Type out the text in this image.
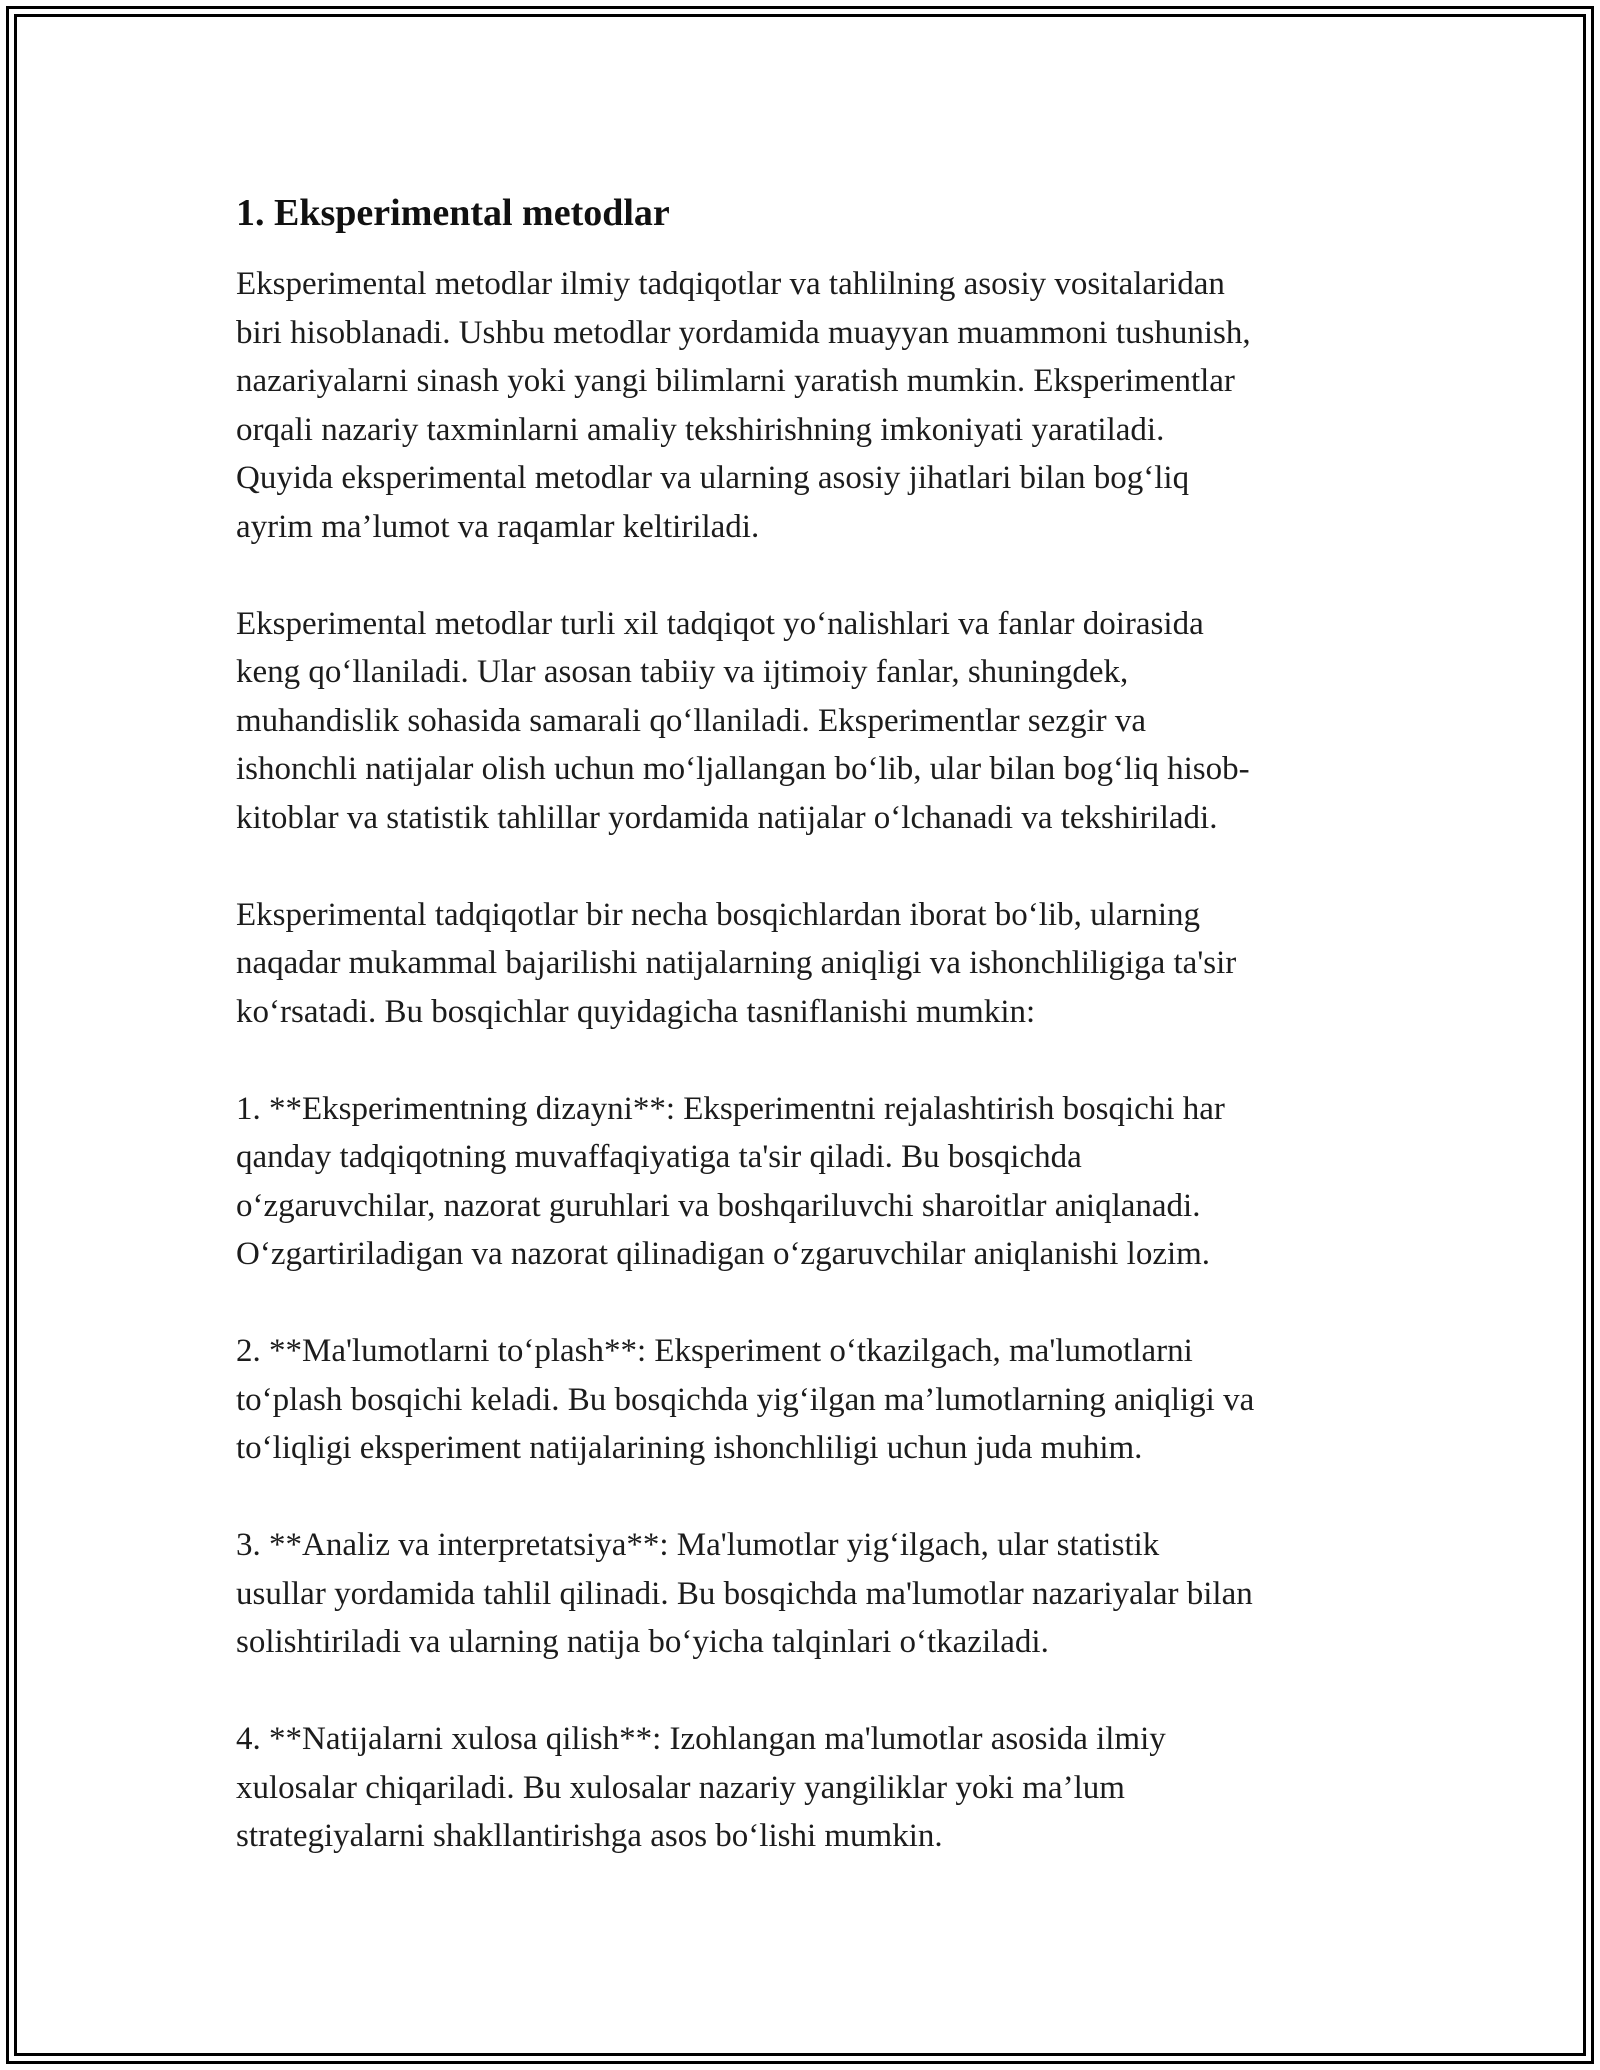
1. Eksperimental metodlar

Eksperimental metodlar ilmiy tadqiqotlar va tahlilning asosiy vositalaridan
biri hisoblanadi. Ushbu metodlar yordamida muayyan muammoni tushunish,
nazariyalarni sinash yoki yangi bilimlarni yaratish mumkin. Eksperimentlar
orqali nazariy taxminlarni amaliy tekshirishning imkoniyati yaratiladi.
Quyida eksperimental metodlar va ularning asosiy jihatlari bilan bog‘liq
ayrim ma’lumot va raqamlar keltiriladi.

Eksperimental metodlar turli xil tadqiqot yo‘nalishlari va fanlar doirasida
keng qo‘llaniladi. Ular asosan tabiiy va ijtimoiy fanlar, shuningdek,
muhandislik sohasida samarali qo‘llaniladi. Eksperimentlar sezgir va
ishonchli natijalar olish uchun mo‘ljallangan bo‘lib, ular bilan bog‘liq hisob-
kitoblar va statistik tahlillar yordamida natijalar o‘lchanadi va tekshiriladi.

Eksperimental tadqiqotlar bir necha bosqichlardan iborat bo‘lib, ularning
naqadar mukammal bajarilishi natijalarning aniqligi va ishonchliligiga ta'sir
ko‘rsatadi. Bu bosqichlar quyidagicha tasniflanishi mumkin:

1. **Eksperimentning dizayni**: Eksperimentni rejalashtirish bosqichi har
qanday tadqiqotning muvaffaqiyatiga ta'sir qiladi. Bu bosqichda
o‘zgaruvchilar, nazorat guruhlari va boshqariluvchi sharoitlar aniqlanadi.
O‘zgartiriladigan va nazorat qilinadigan o‘zgaruvchilar aniqlanishi lozim.

2. **Ma'lumotlarni to‘plash**: Eksperiment o‘tkazilgach, ma'lumotlarni
to‘plash bosqichi keladi. Bu bosqichda yig‘ilgan ma’lumotlarning aniqligi va
to‘liqligi eksperiment natijalarining ishonchliligi uchun juda muhim.

3. **Analiz va interpretatsiya**: Ma'lumotlar yig‘ilgach, ular statistik
usullar yordamida tahlil qilinadi. Bu bosqichda ma'lumotlar nazariyalar bilan
solishtiriladi va ularning natija bo‘yicha talqinlari o‘tkaziladi.

4. **Natijalarni xulosa qilish**: Izohlangan ma'lumotlar asosida ilmiy
xulosalar chiqariladi. Bu xulosalar nazariy yangiliklar yoki ma’lum
strategiyalarni shakllantirishga asos bo‘lishi mumkin.
